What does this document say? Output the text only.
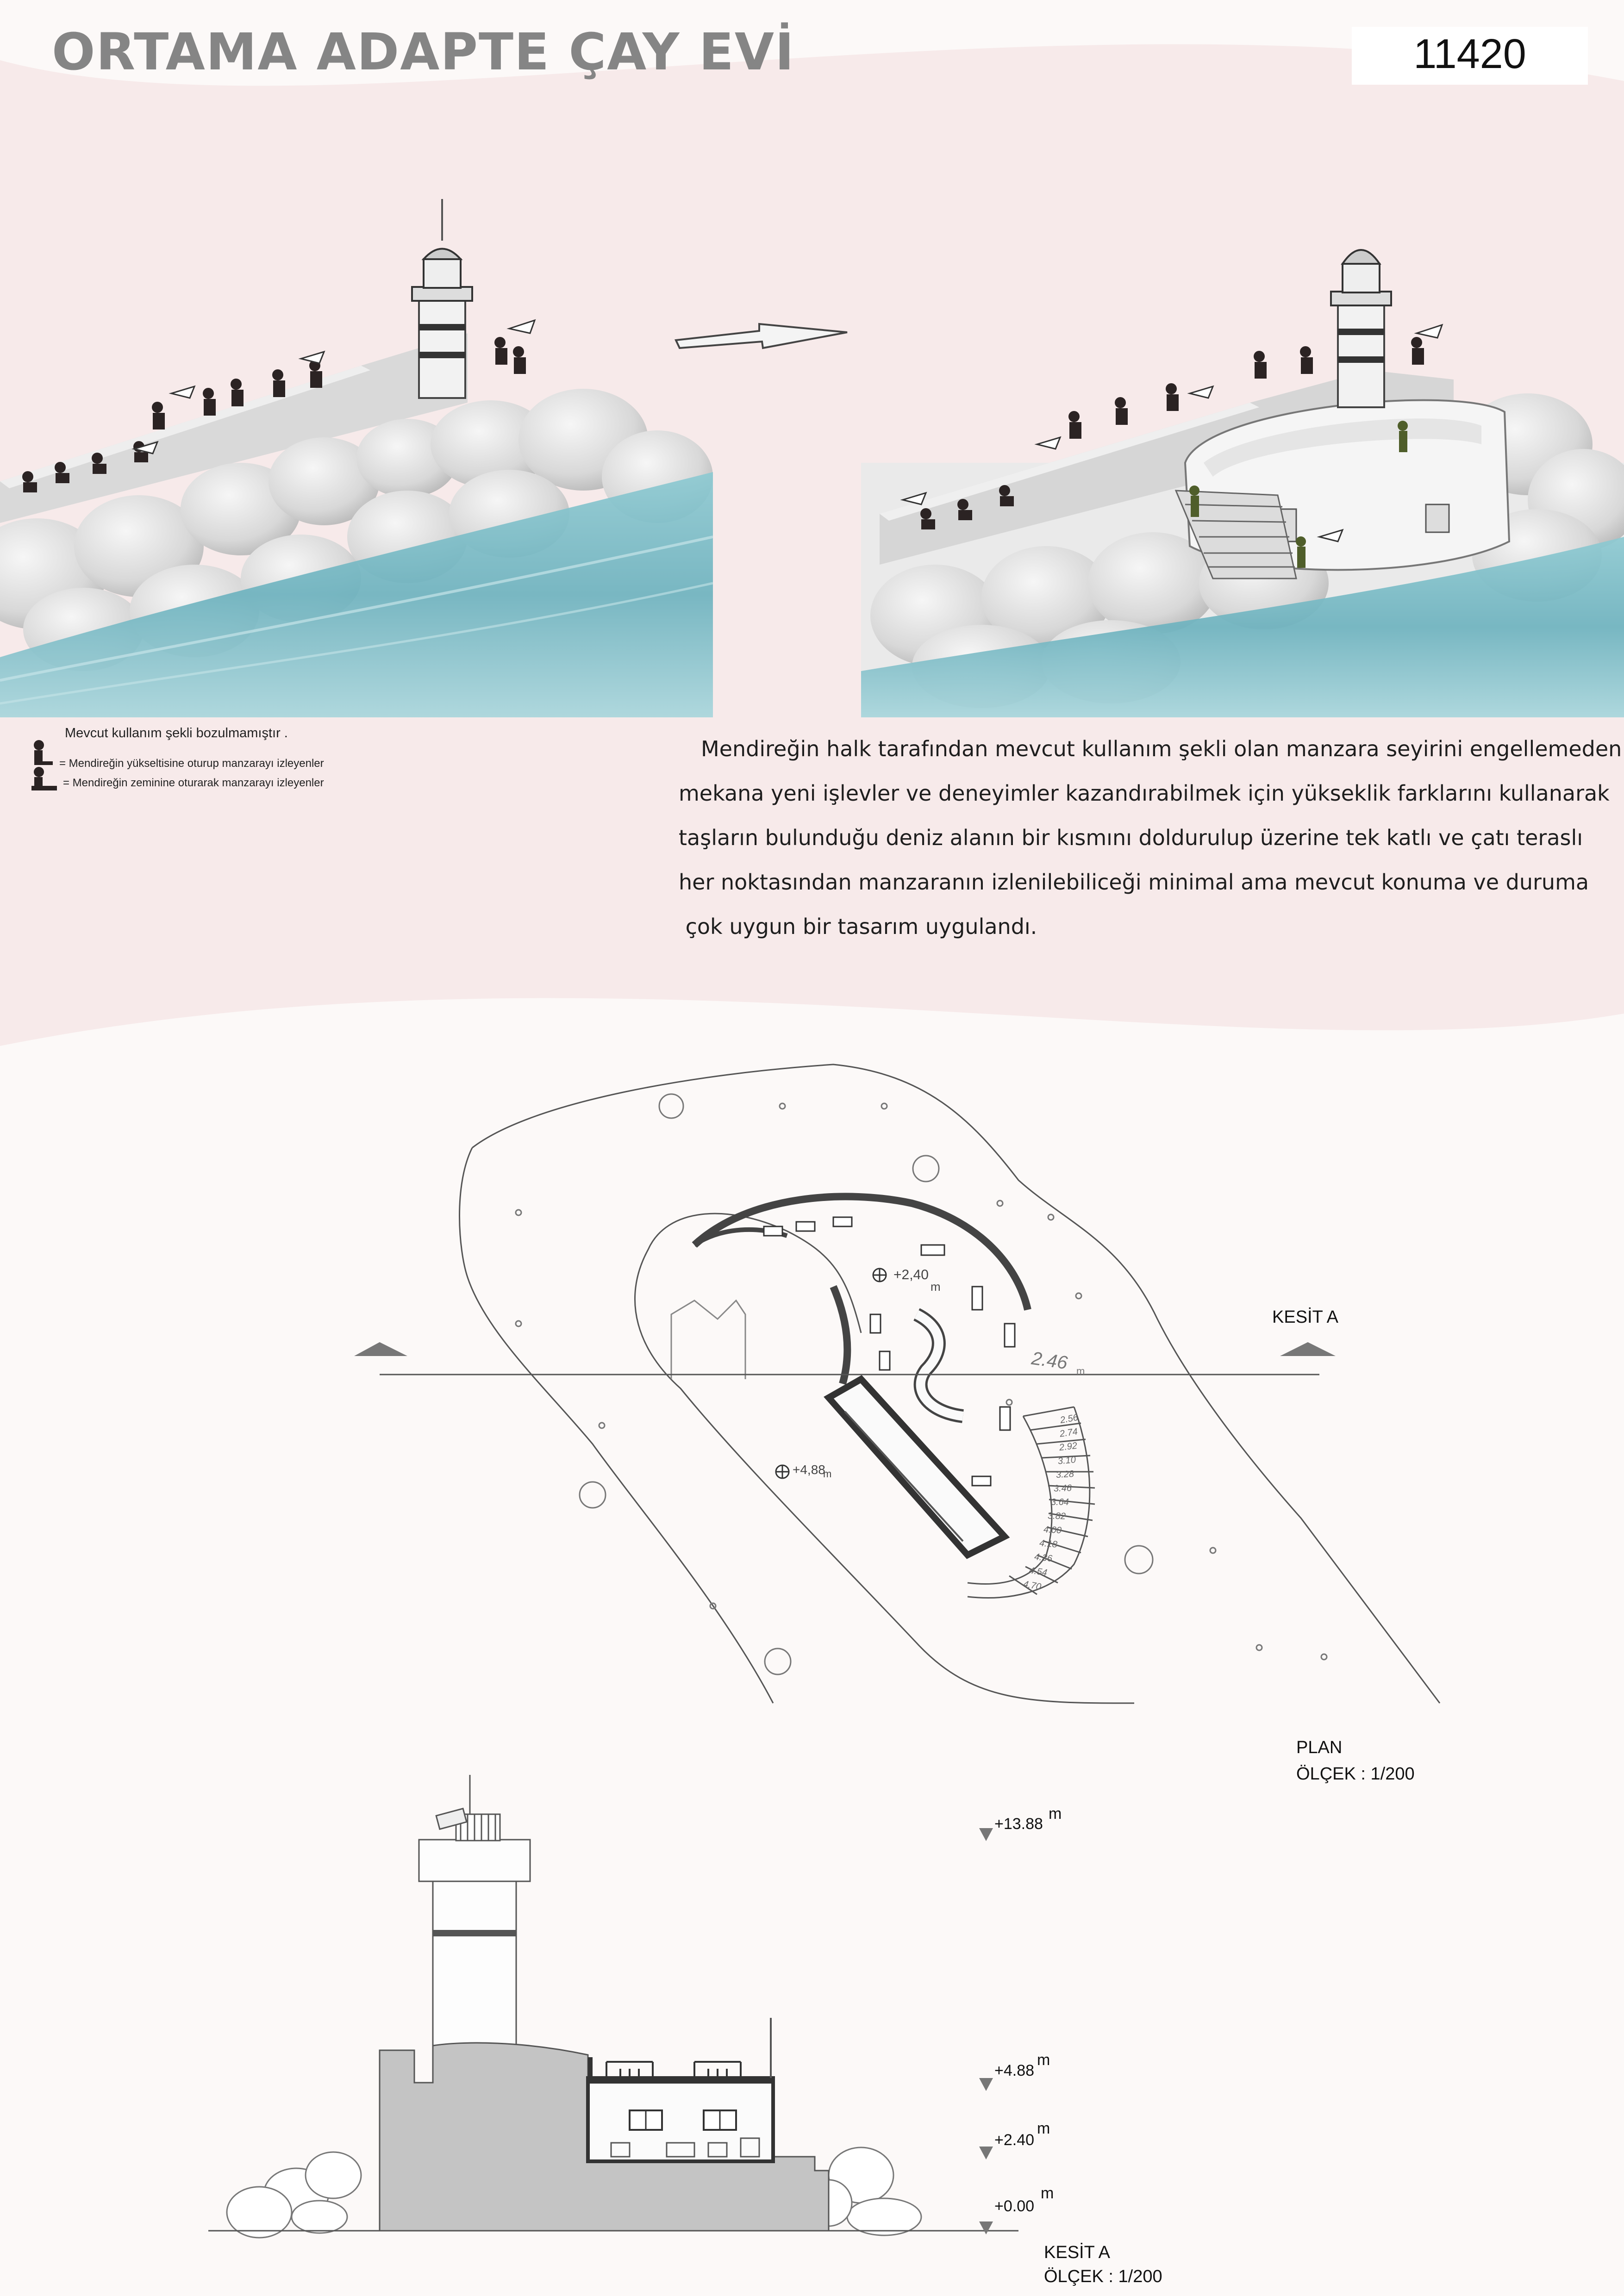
ORTAMA ADAPTE ÇAY EVİ	11420
Mevcut kullanım şekli bozulmamıştır .
= Mendireğin yükseltisine oturup manzarayı izleyenler
= Mendireğin zeminine oturarak manzarayı izleyenler
Mendireğin halk tarafından mevcut kullanım şekli olan manzara seyirini engellemeden
mekana yeni işlevler ve deneyimler kazandırabilmek için yükseklik farklarını kullanarak
taşların bulunduğu deniz alanın bir kısmını doldurulup üzerine tek katlı ve çatı teraslı
her noktasından manzaranın izlenilebiliceği minimal ama mevcut konuma ve duruma
çok uygun bir tasarım uygulandı.
KESİT A
+2,40
m
+4,88
m
2.46 m
2.56
2.74
2.92
3.10
3.28
3.46
3.64
3.82
4.00
4.18
4.36
4.54
4.70
PLAN
ÖLÇEK : 1/200
+13.88
m
+4.88
m
+2.40
m
+0.00
m
KESİT A
ÖLÇEK : 1/200
